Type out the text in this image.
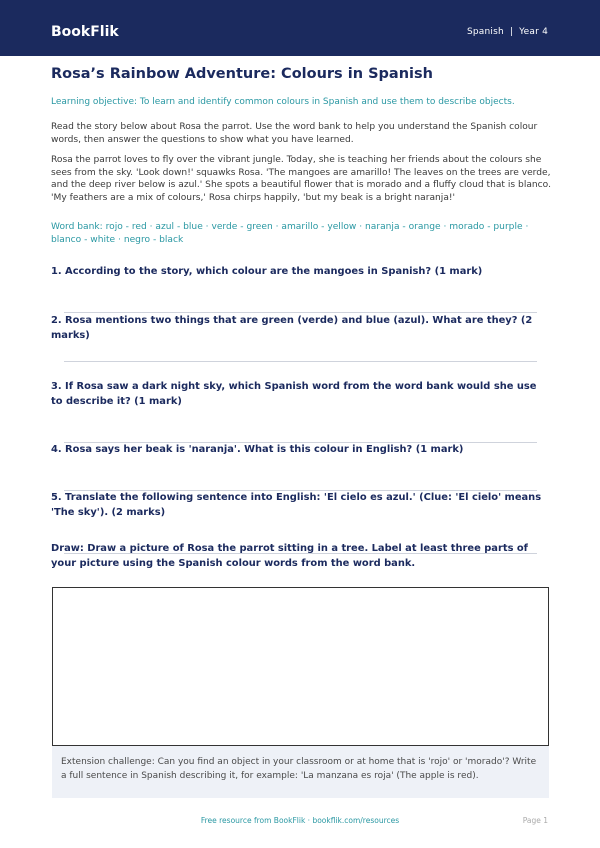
BookFlik	Spanish | Year 4
Rosa’s Rainbow Adventure: Colours in Spanish
Learning objective: To learn and identify common colours in Spanish and use them to describe objects.
Read the story below about Rosa the parrot. Use the word bank to help you understand the Spanish colour words, then answer the questions to show what you have learned.
Rosa the parrot loves to fly over the vibrant jungle. Today, she is teaching her friends about the colours she sees from the sky. 'Look down!' squawks Rosa. 'The mangoes are amarillo! The leaves on the trees are verde, and the deep river below is azul.' She spots a beautiful flower that is morado and a fluffy cloud that is blanco. 'My feathers are a mix of colours,' Rosa chirps happily, 'but my beak is a bright naranja!'
Word bank: rojo - red · azul - blue · verde - green · amarillo - yellow · naranja - orange · morado - purple · blanco - white · negro - black
1. According to the story, which colour are the mangoes in Spanish? (1 mark)
2. Rosa mentions two things that are green (verde) and blue (azul). What are they? (2 marks)
3. If Rosa saw a dark night sky, which Spanish word from the word bank would she use to describe it? (1 mark)
4. Rosa says her beak is 'naranja'. What is this colour in English? (1 mark)
5. Translate the following sentence into English: 'El cielo es azul.' (Clue: 'El cielo' means 'The sky'). (2 marks)
Draw: Draw a picture of Rosa the parrot sitting in a tree. Label at least three parts of your picture using the Spanish colour words from the word bank.
Extension challenge: Can you find an object in your classroom or at home that is 'rojo' or 'morado'? Write a full sentence in Spanish describing it, for example: 'La manzana es roja' (The apple is red).
Free resource from BookFlik · bookflik.com/resources	Page 1
